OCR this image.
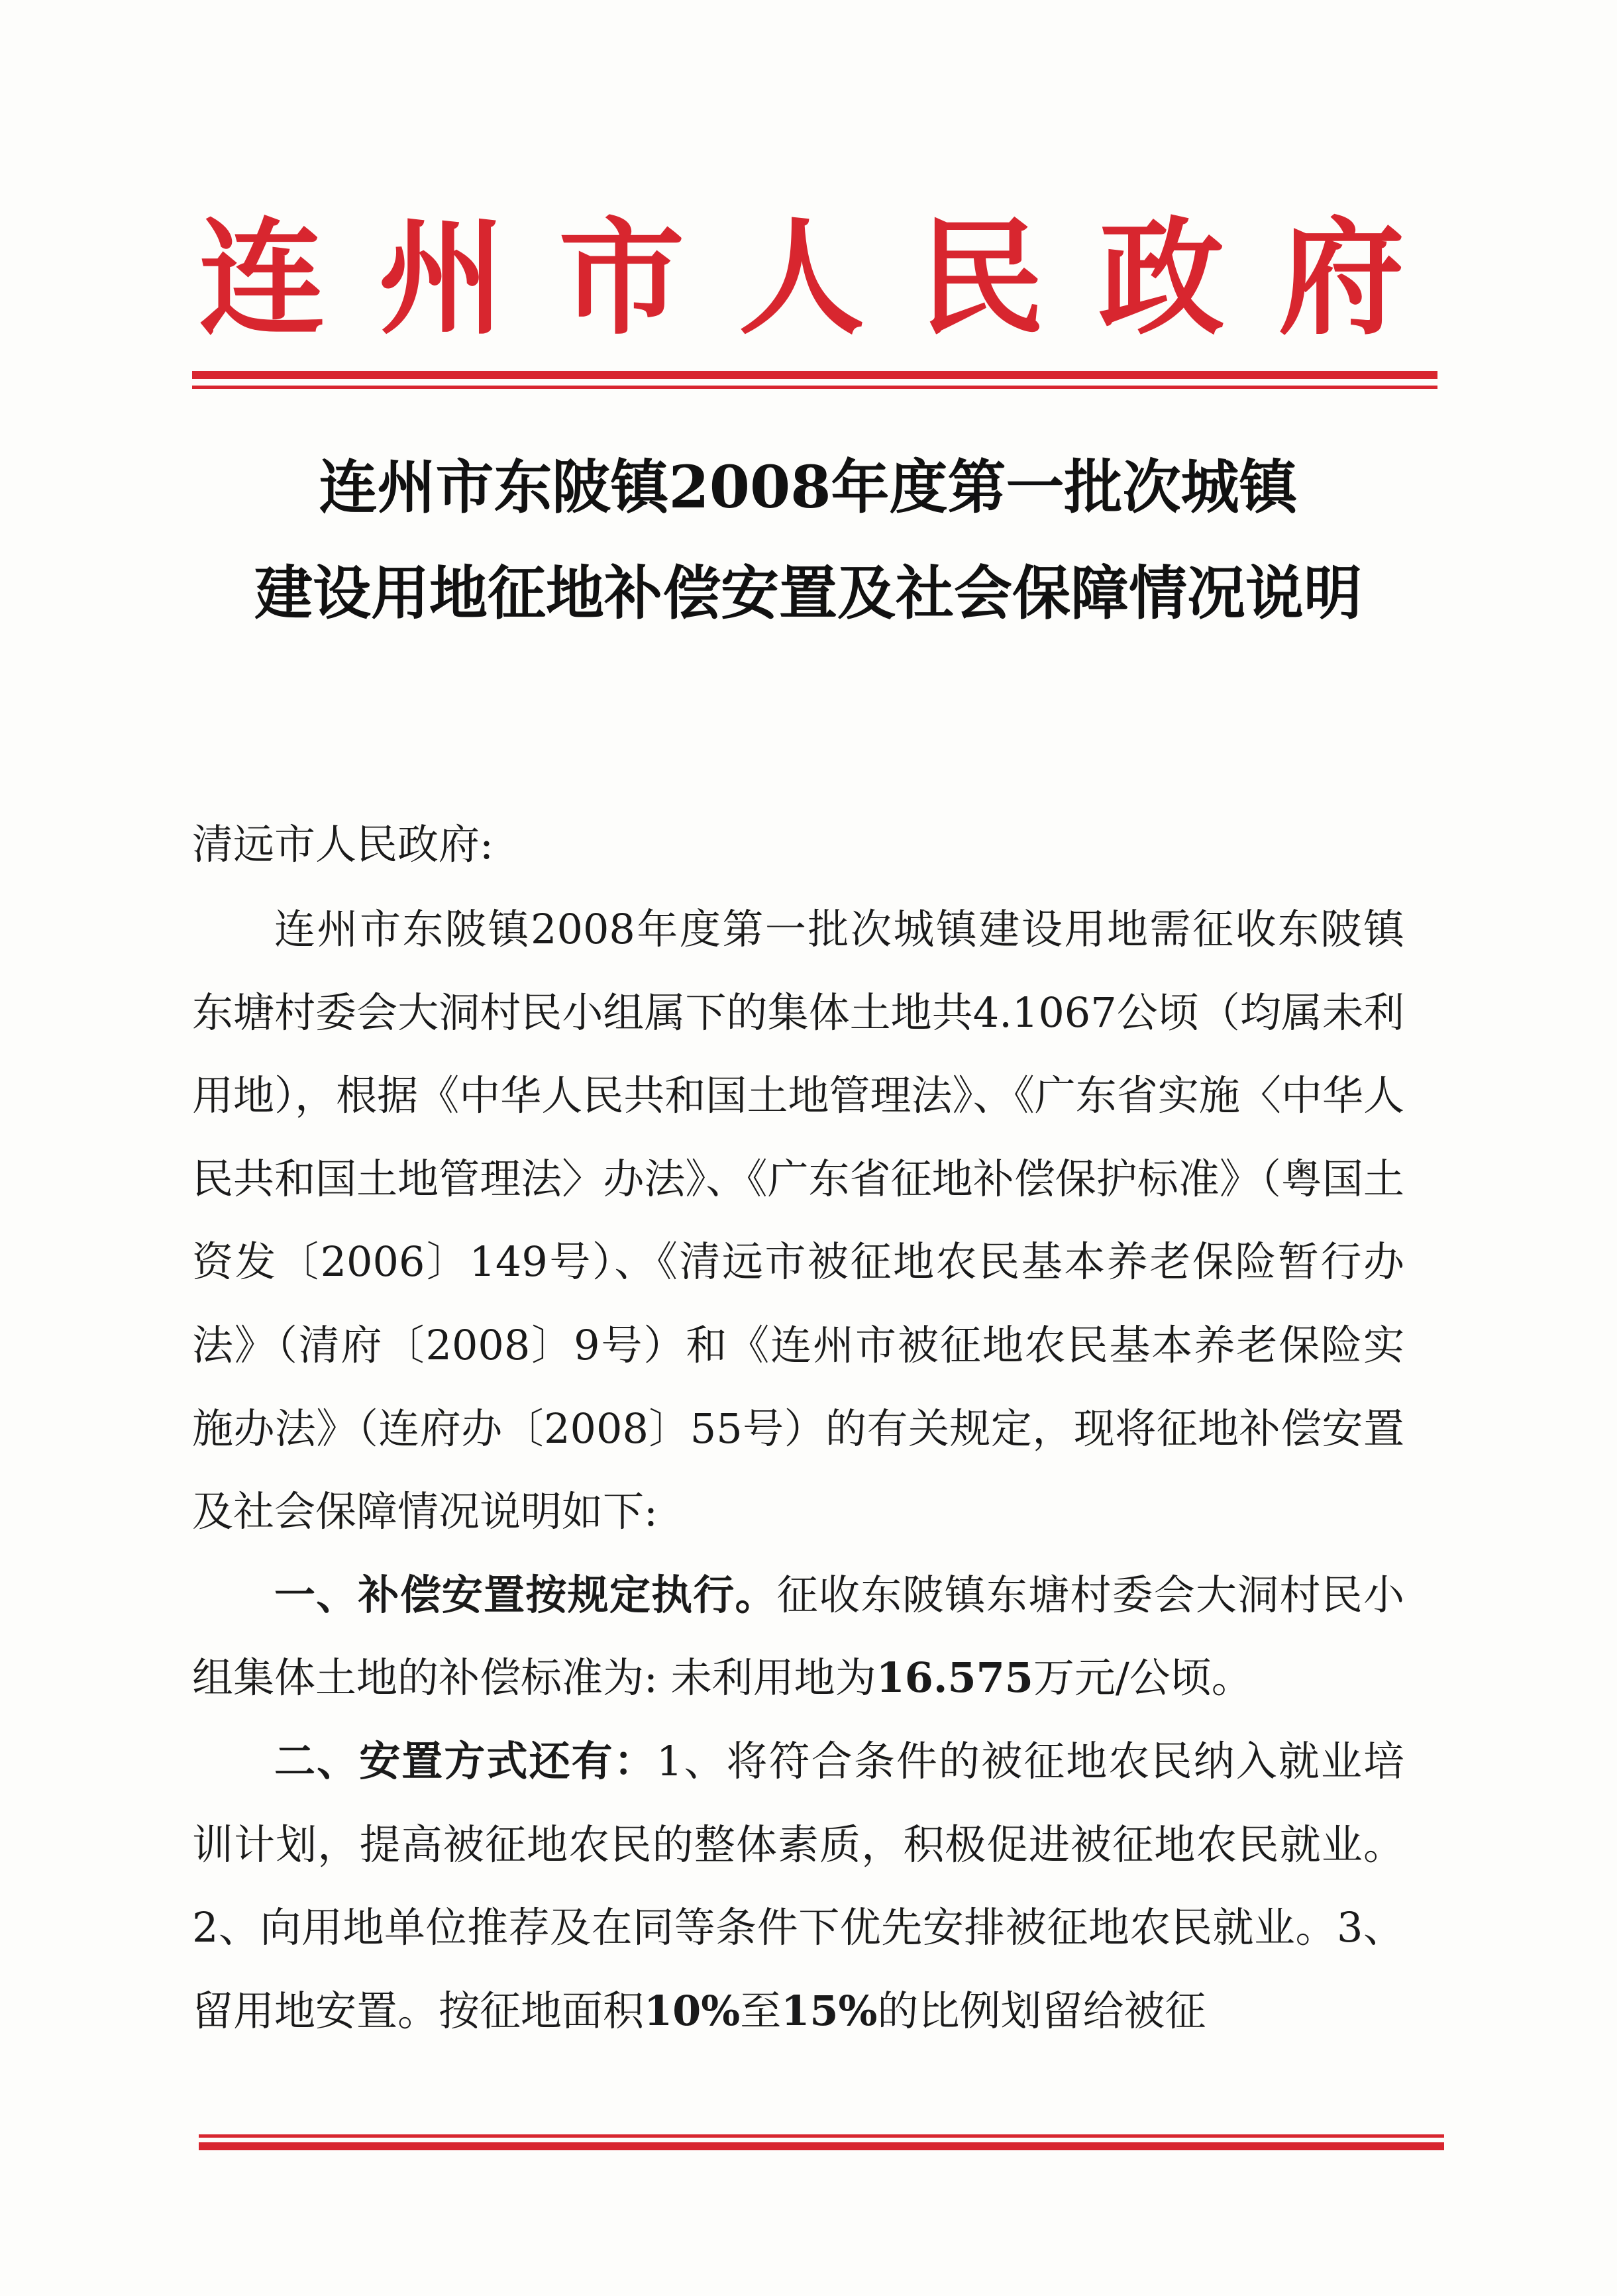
连州市人民政府
连州市东陂镇2008年度第一批次城镇
建设用地征地补偿安置及社会保障情况说明
清远市人民政府:

连州市东陂镇2008年度第一批次城镇建设用地需征收东陂镇东塘村委会大洞村民小组属下的集体土地共4.1067公顷（均属未利用地），根据《中华人民共和国土地管理法》、《广东省实施〈中华人民共和国土地管理法〉办法》、《广东省征地补偿保护标准》（粤国土资发〔2006〕149号）、《清远市被征地农民基本养老保险暂行办法》（清府〔2008〕9号）和《连州市被征地农民基本养老保险实施办法》（连府办〔2008〕55号）的有关规定，现将征地补偿安置及社会保障情况说明如下:

一、补偿安置按规定执行。征收东陂镇东塘村委会大洞村民小组集体土地的补偿标准为: 未利用地为16.575万元/公顷。

二、安置方式还有：1、将符合条件的被征地农民纳入就业培训计划，提高被征地农民的整体素质，积极促进被征地农民就业。2、向用地单位推荐及在同等条件下优先安排被征地农民就业。3、留用地安置。按征地面积10%至15%的比例划留给被征
